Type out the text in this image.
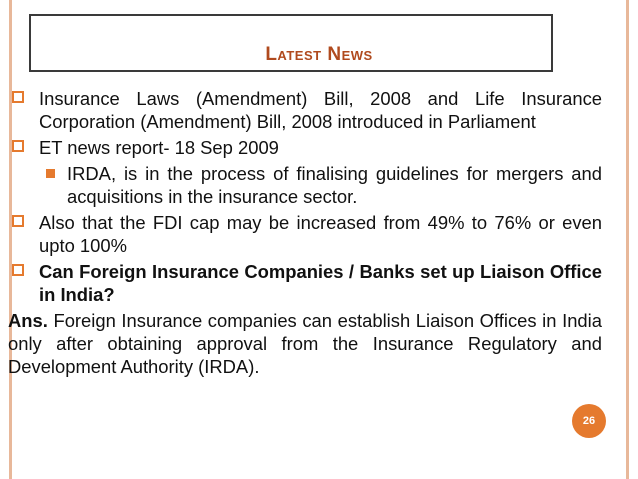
Latest News
Insurance Laws (Amendment) Bill, 2008 and Life Insurance Corporation (Amendment) Bill, 2008 introduced in Parliament
ET news report- 18 Sep 2009
IRDA, is in the process of finalising guidelines for mergers and acquisitions in the insurance sector.
Also that the FDI cap may be increased from 49% to 76% or even upto 100%
Can Foreign Insurance Companies / Banks set up Liaison Office in India?
Ans. Foreign Insurance companies can establish Liaison Offices in India only after obtaining approval from the Insurance Regulatory and Development Authority (IRDA).
26
